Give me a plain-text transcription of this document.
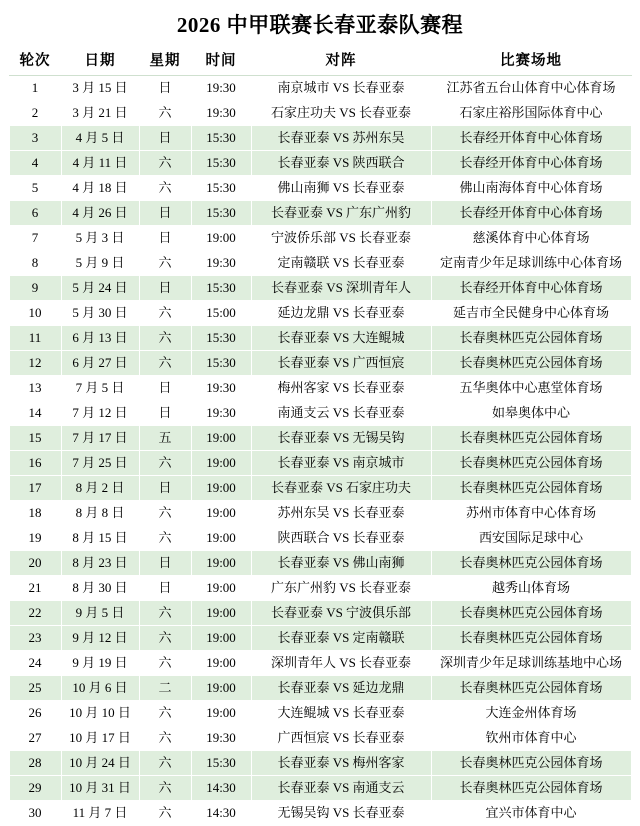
2026 中甲联赛长春亚泰队赛程
轮次	日期	星期	时间	对阵	比赛场地
1	3 月 15 日	日	19:30	南京城市 VS 长春亚泰	江苏省五台山体育中心体育场
2	3 月 21 日	六	19:30	石家庄功夫 VS 长春亚泰	石家庄裕彤国际体育中心
3	4 月 5 日	日	15:30	长春亚泰 VS 苏州东吴	长春经开体育中心体育场
4	4 月 11 日	六	15:30	长春亚泰 VS 陕西联合	长春经开体育中心体育场
5	4 月 18 日	六	15:30	佛山南狮 VS 长春亚泰	佛山南海体育中心体育场
6	4 月 26 日	日	15:30	长春亚泰 VS 广东广州豹	长春经开体育中心体育场
7	5 月 3 日	日	19:00	宁波侨乐部 VS 长春亚泰	慈溪体育中心体育场
8	5 月 9 日	六	19:30	定南赣联 VS 长春亚泰	定南青少年足球训练中心体育场
9	5 月 24 日	日	15:30	长春亚泰 VS 深圳青年人	长春经开体育中心体育场
10	5 月 30 日	六	15:00	延边龙鼎 VS 长春亚泰	延吉市全民健身中心体育场
11	6 月 13 日	六	15:30	长春亚泰 VS 大连鲲城	长春奥林匹克公园体育场
12	6 月 27 日	六	15:30	长春亚泰 VS 广西恒宸	长春奥林匹克公园体育场
13	7 月 5 日	日	19:30	梅州客家 VS 长春亚泰	五华奥体中心惠堂体育场
14	7 月 12 日	日	19:30	南通支云 VS 长春亚泰	如皋奥体中心
15	7 月 17 日	五	19:00	长春亚泰 VS 无锡吴钩	长春奥林匹克公园体育场
16	7 月 25 日	六	19:00	长春亚泰 VS 南京城市	长春奥林匹克公园体育场
17	8 月 2 日	日	19:00	长春亚泰 VS 石家庄功夫	长春奥林匹克公园体育场
18	8 月 8 日	六	19:00	苏州东吴 VS 长春亚泰	苏州市体育中心体育场
19	8 月 15 日	六	19:00	陕西联合 VS 长春亚泰	西安国际足球中心
20	8 月 23 日	日	19:00	长春亚泰 VS 佛山南狮	长春奥林匹克公园体育场
21	8 月 30 日	日	19:00	广东广州豹 VS 长春亚泰	越秀山体育场
22	9 月 5 日	六	19:00	长春亚泰 VS 宁波俱乐部	长春奥林匹克公园体育场
23	9 月 12 日	六	19:00	长春亚泰 VS 定南赣联	长春奥林匹克公园体育场
24	9 月 19 日	六	19:00	深圳青年人 VS 长春亚泰	深圳青少年足球训练基地中心场
25	10 月 6 日	二	19:00	长春亚泰 VS 延边龙鼎	长春奥林匹克公园体育场
26	10 月 10 日	六	19:00	大连鲲城 VS 长春亚泰	大连金州体育场
27	10 月 17 日	六	19:30	广西恒宸 VS 长春亚泰	钦州市体育中心
28	10 月 24 日	六	15:30	长春亚泰 VS 梅州客家	长春奥林匹克公园体育场
29	10 月 31 日	六	14:30	长春亚泰 VS 南通支云	长春奥林匹克公园体育场
30	11 月 7 日	六	14:30	无锡吴钩 VS 长春亚泰	宜兴市体育中心
